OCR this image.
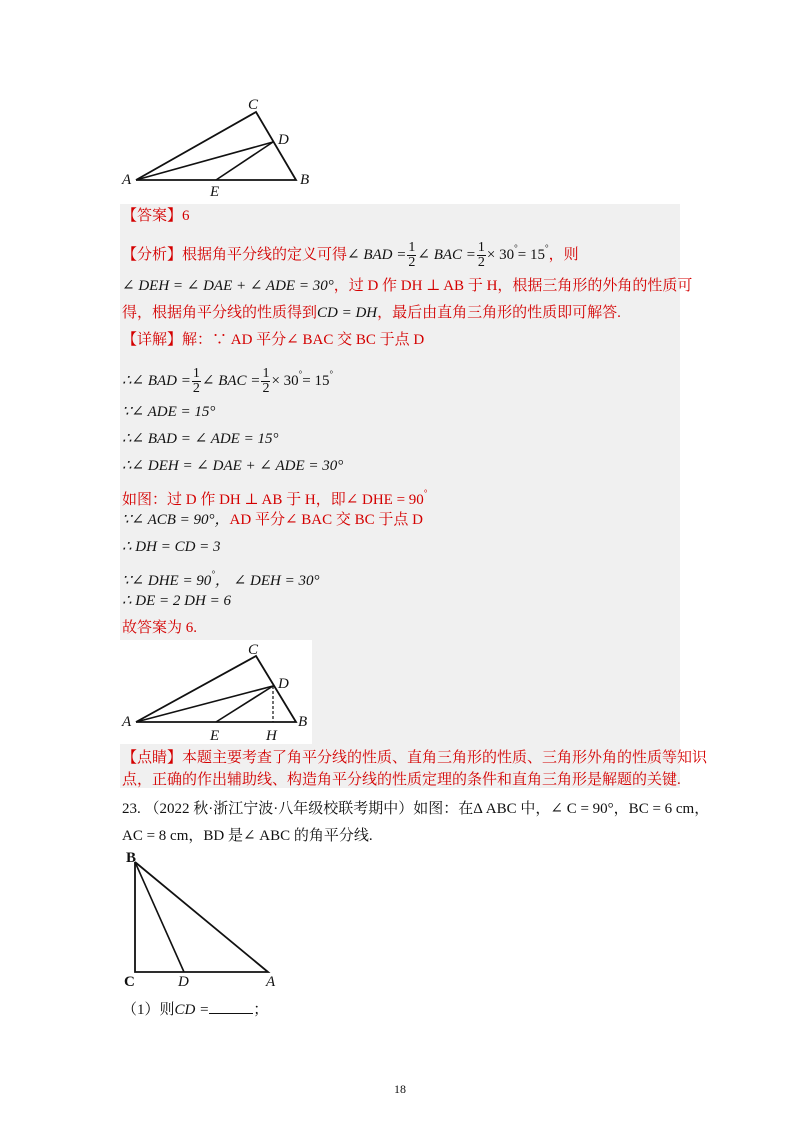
C
D
A	B
E
【答案】6
【分析】根据角平分线的定义可得∠ BAD = $\frac{1}{2}$ ∠ BAC = $\frac{1}{2} \times 30^\circ= 15^\circ$，则
∠ DEH = ∠ DAE + ∠ ADE = 30°，过 D 作 DH ⊥ AB 于 H，根据三角形的外角的性质可
得，根据角平分线的性质得到CD = DH，最后由直角三角形的性质即可解答.
【详解】解：∵ AD 平分∠ BAC 交 BC 于点 D
∴∠ BAD = $\frac{1}{2}$ ∠ BAC = $\frac{1}{2} \times 30^\circ= 15^\circ$
∵∠ ADE = 15°
∴∠ BAD = ∠ ADE = 15°
∴∠ DEH = ∠ DAE + ∠ ADE = 30°
如图：过 D 作 DH ⊥ AB 于 H，即∠ DHE = 90°
∵∠ ACB = 90°，AD 平分∠ BAC 交 BC 于点 D
∴ DH = CD = 3
∵∠ DHE = 90°， ∠ DEH = 30°
∴ DE = 2 DH = 6
故答案为 6.
C
D
A	B
E	H
【点睛】本题主要考查了角平分线的性质、直角三角形的性质、三角形外角的性质等知识
点，正确的作出辅助线、构造角平分线的性质定理的条件和直角三角形是解题的关键.
23. （2022 秋·浙江宁波·八年级校联考期中）如图：在Δ ABC 中，∠ C = 90°，BC = 6 cm，
AC = 8 cm，BD 是∠ ABC 的角平分线.
B
C	D	A
（1）则CD =	；
18
